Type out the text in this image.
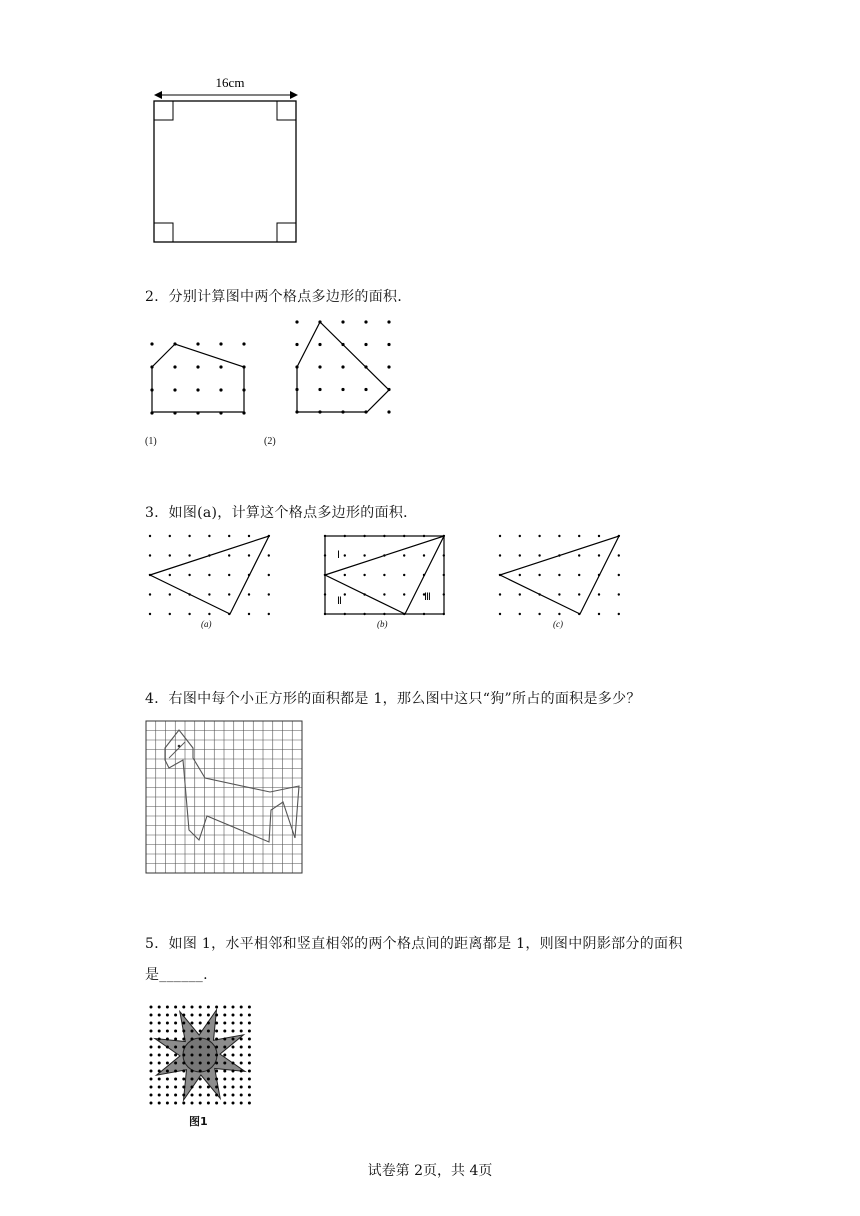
16cm
2．分别计算图中两个格点多边形的面积．
(1)	(2)
3．如图(a)，计算这个格点多边形的面积．
(a)
Ⅰ
Ⅱ	Ⅲ
(b)	(c)
4．右图中每个小正方形的面积都是 1，那么图中这只“狗”所占的面积是多少？
5．如图 1，水平相邻和竖直相邻的两个格点间的距离都是 1，则图中阴影部分的面积
是______.
图1
试卷第 2页，共 4页
